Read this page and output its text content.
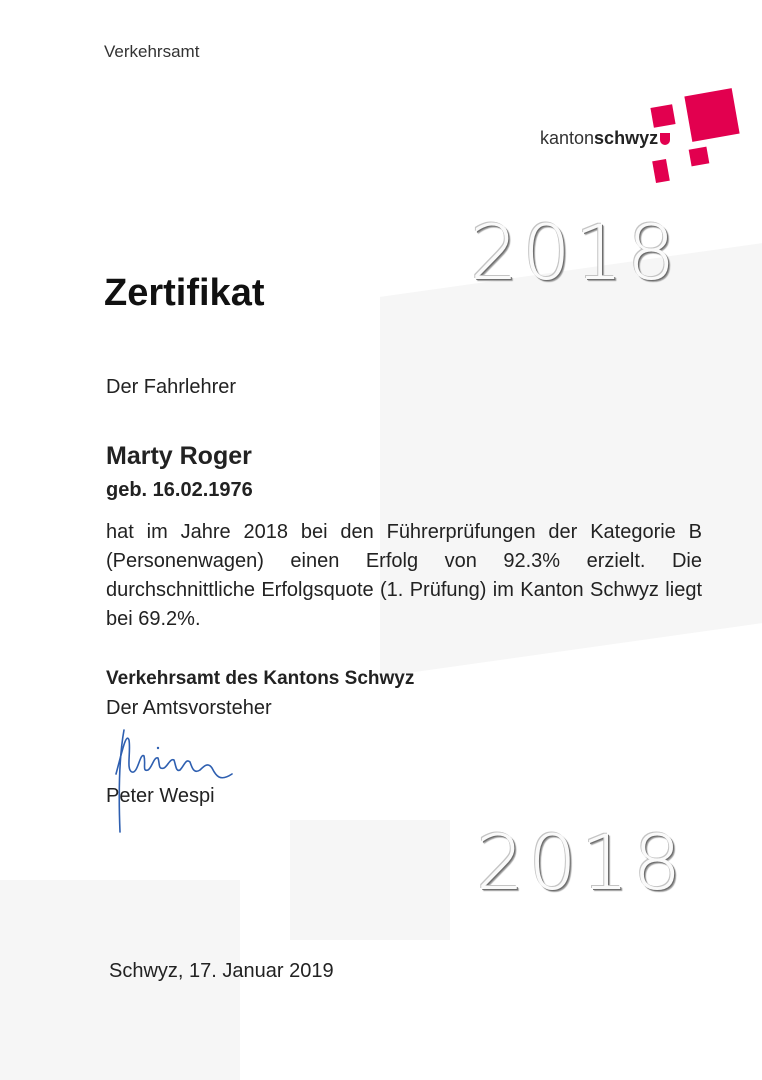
Verkehrsamt
kantonschwyz
2018
Zertifikat
Der Fahrlehrer
Marty Roger
geb. 16.02.1976
hat im Jahre 2018 bei den Führerprüfungen der Kategorie B (Personenwagen) einen Erfolg von 92.3% erzielt. Die durchschnittliche Erfolgsquote (1. Prüfung) im Kanton Schwyz liegt bei 69.2%.
Verkehrsamt des Kantons Schwyz
Der Amtsvorsteher
Peter Wespi
2018
Schwyz, 17. Januar 2019
